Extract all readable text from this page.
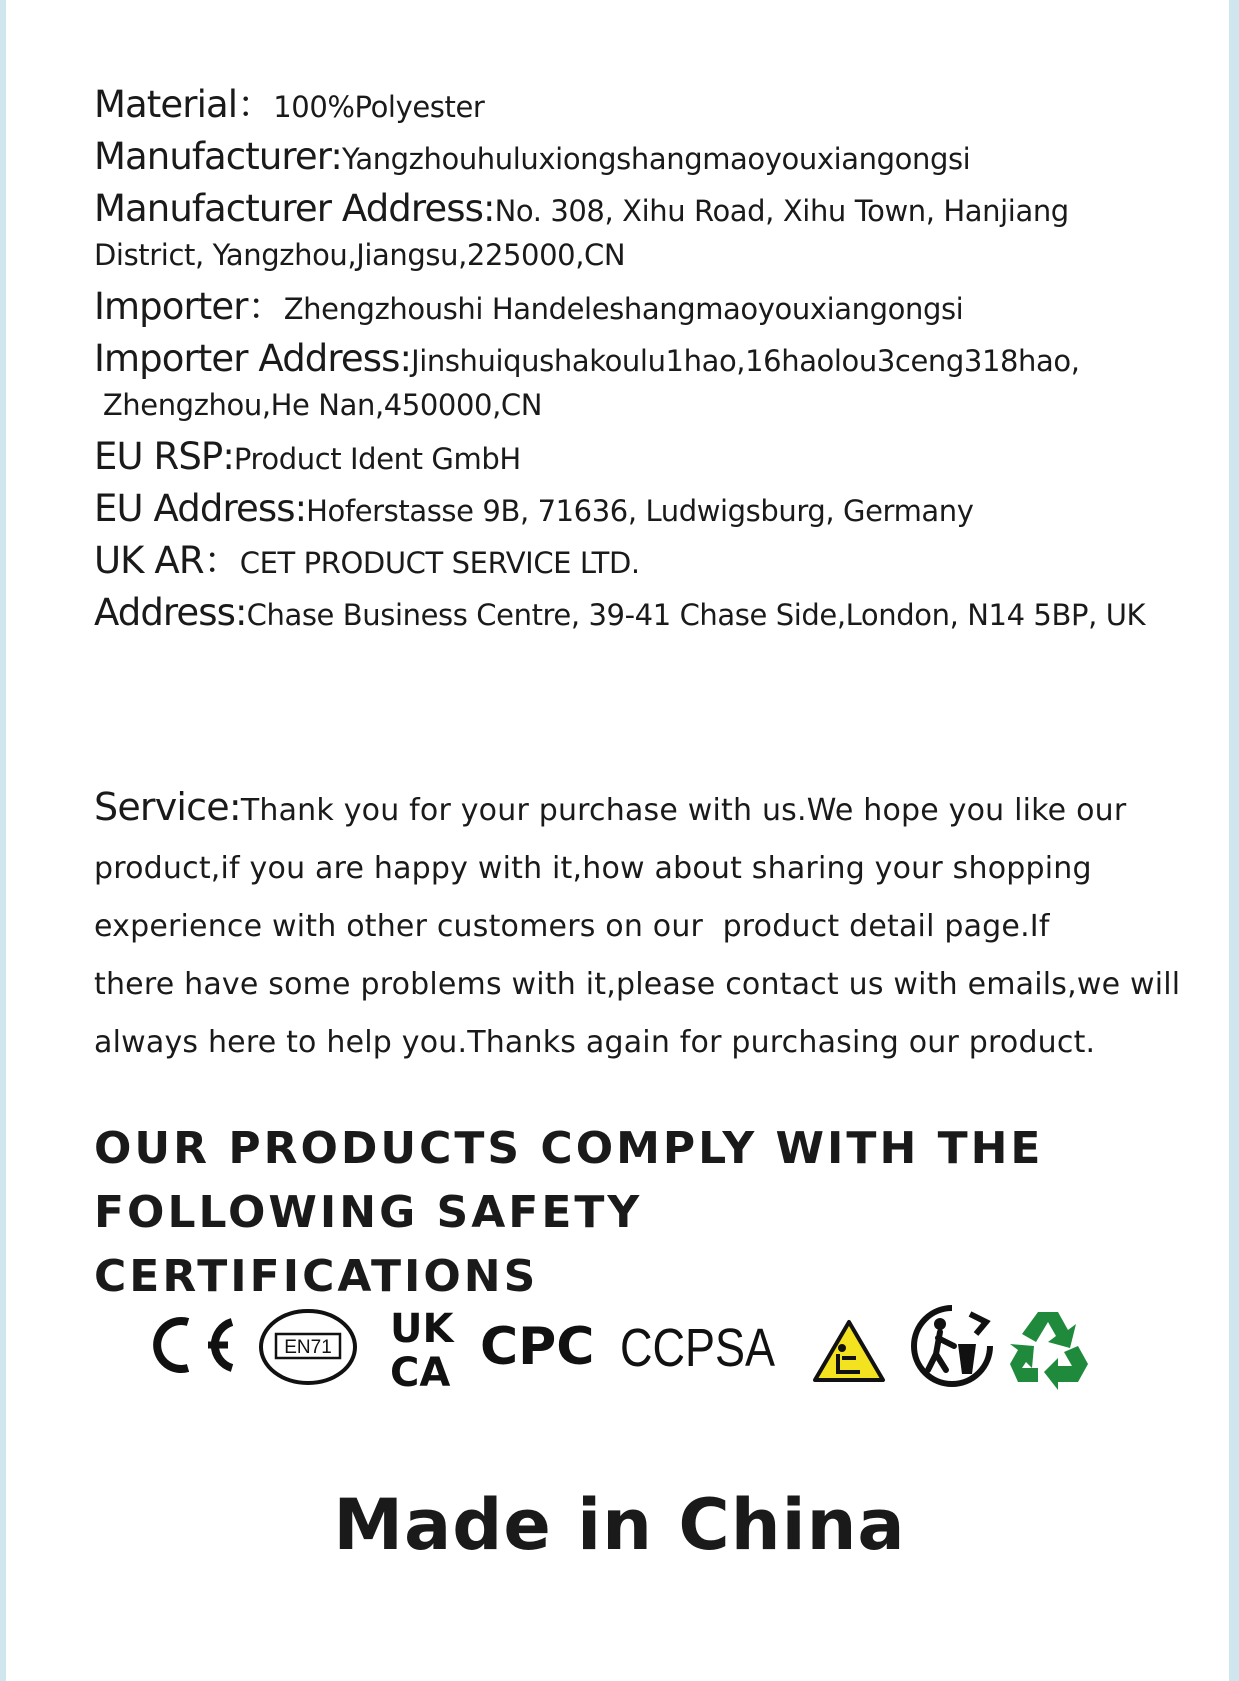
Material：100%Polyester

Manufacturer:Yangzhouhuluxiongshangmaoyouxiangongsi

Manufacturer Address:No. 308, Xihu Road, Xihu Town, Hanjiang

District, Yangzhou,Jiangsu,225000,CN

Importer：Zhengzhoushi Handeleshangmaoyouxiangongsi

Importer Address:Jinshuiqushakoulu1hao,16haolou3ceng318hao,

Zhengzhou,He Nan,450000,CN

EU RSP:Product Ident GmbH

EU Address:Hoferstasse 9B, 71636, Ludwigsburg, Germany

UK AR：CET PRODUCT SERVICE LTD.

Address:Chase Business Centre, 39-41 Chase Side,London, N14 5BP, UK

Service:Thank you for your purchase with us.We hope you like our
product,if you are happy with it,how about sharing your shopping
experience with other customers on our  product detail page.If
there have some problems with it,please contact us with emails,we will
always here to help you.Thanks again for purchasing our product.
OUR PRODUCTS COMPLY WITH THE
FOLLOWING SAFETY CERTIFICATIONS
CE
EN71 UK
CA CPC CCPSA
Made in China
